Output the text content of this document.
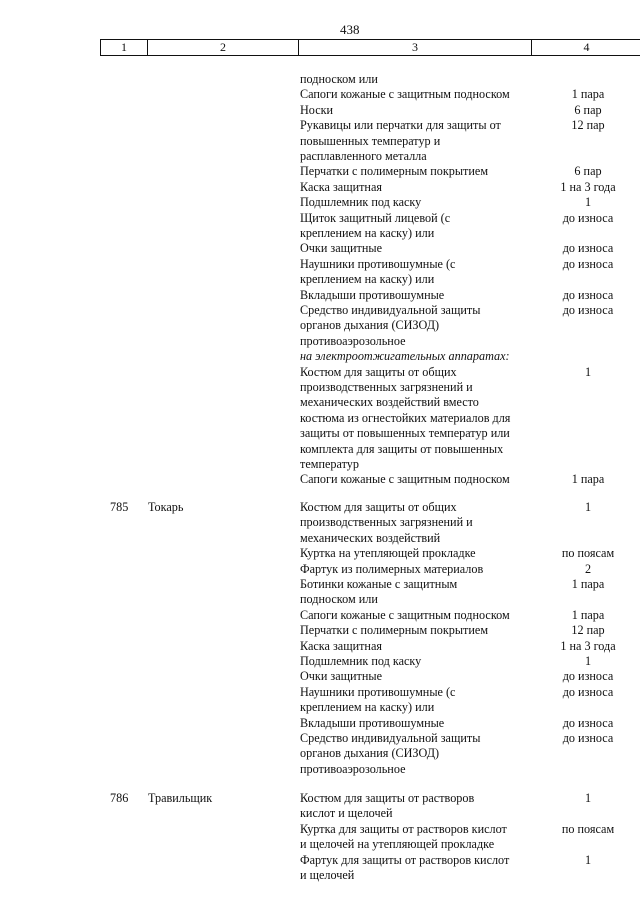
438
1	2	3	4
подноском или
Сапоги кожаные с защитным подноском	1 пара
Носки	6 пар
Рукавицы или перчатки для защиты от	12 пар
повышенных температур и
расплавленного металла
Перчатки с полимерным покрытием	6 пар
Каска защитная	1 на 3 года
Подшлемник под каску	1
Щиток защитный лицевой (с	до износа
креплением на каску) или
Очки защитные	до износа
Наушники противошумные (с	до износа
креплением на каску) или
Вкладыши противошумные	до износа
Средство индивидуальной защиты	до износа
органов дыхания (СИЗОД)
противоаэрозольное
на электроотжигательных аппаратах:
Костюм для защиты от общих	1
производственных загрязнений и
механических воздействий вместо
костюма из огнестойких материалов для
защиты от повышенных температур или
комплекта для защиты от повышенных
температур
Сапоги кожаные с защитным подноском	1 пара
785 Токарь	Костюм для защиты от общих	1
производственных загрязнений и
механических воздействий
Куртка на утепляющей прокладке	по поясам
Фартук из полимерных материалов	2
Ботинки кожаные с защитным	1 пара
подноском или
Сапоги кожаные с защитным подноском	1 пара
Перчатки с полимерным покрытием	12 пар
Каска защитная	1 на 3 года
Подшлемник под каску	1
Очки защитные	до износа
Наушники противошумные (с	до износа
креплением на каску) или
Вкладыши противошумные	до износа
Средство индивидуальной защиты	до износа
органов дыхания (СИЗОД)
противоаэрозольное
786 Травильщик	Костюм для защиты от растворов	1
кислот и щелочей
Куртка для защиты от растворов кислот	по поясам
и щелочей на утепляющей прокладке
Фартук для защиты от растворов кислот	1
и щелочей
